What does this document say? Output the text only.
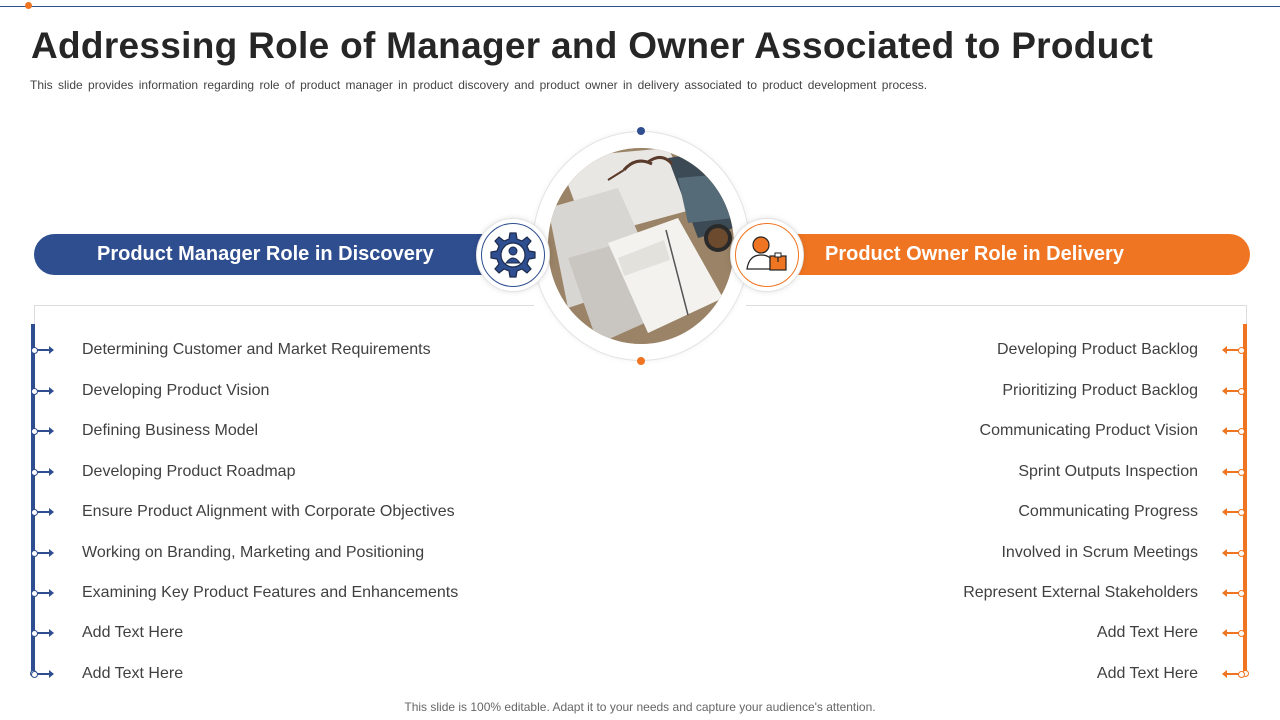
Addressing Role of Manager and Owner Associated to Product

This slide provides information regarding role of product manager in product discovery and product owner in delivery associated to product development process.

Product Manager Role in Discovery	Product Owner Role in Delivery
Determining Customer and Market Requirements
Developing Product Vision
Defining Business Model
Developing Product Roadmap
Ensure Product Alignment with Corporate Objectives
Working on Branding, Marketing and Positioning
Examining Key Product Features and Enhancements
Add Text Here
Add Text Here
Developing Product Backlog
Prioritizing Product Backlog
Communicating Product Vision
Sprint Outputs Inspection
Communicating Progress
Involved in Scrum Meetings
Represent External Stakeholders
Add Text Here
Add Text Here
This slide is 100% editable. Adapt it to your needs and capture your audience's attention.
